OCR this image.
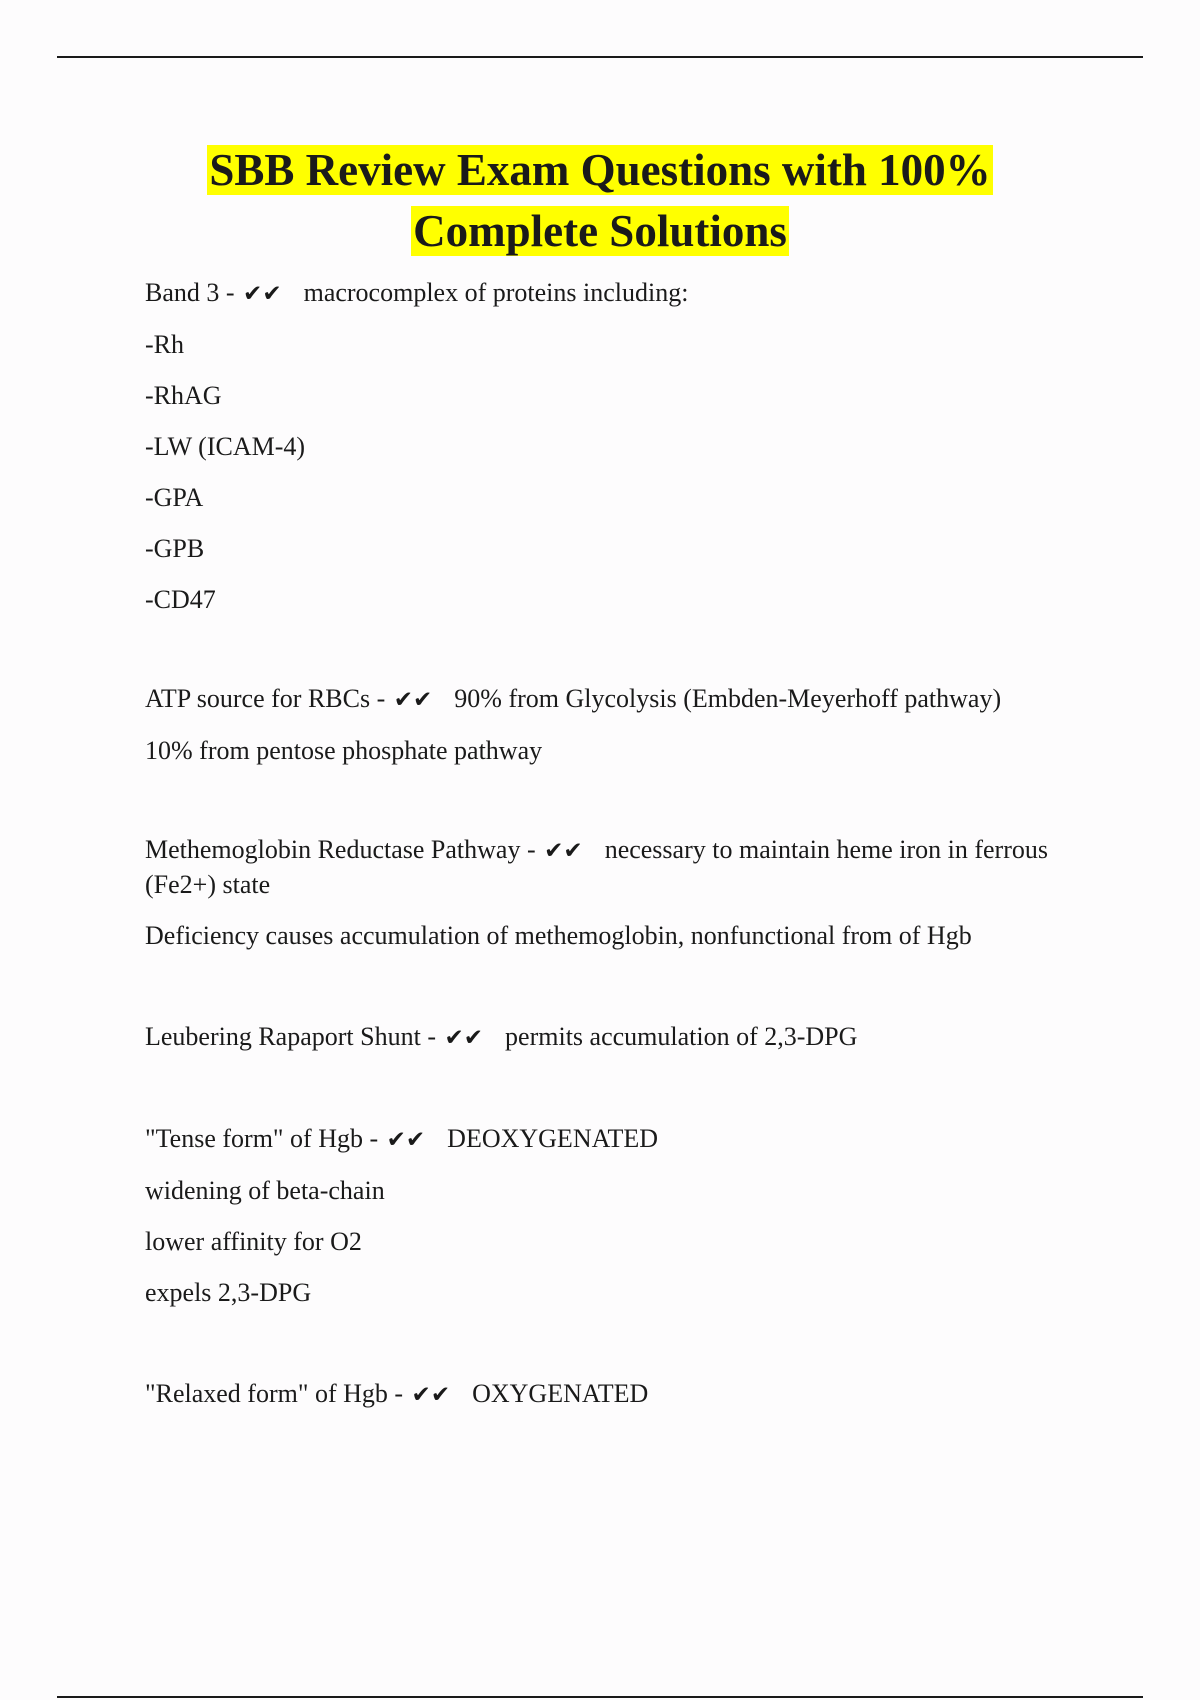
SBB Review Exam Questions with 100%
Complete Solutions
Band 3 - ✔✔ macrocomplex of proteins including:
-Rh
-RhAG
-LW (ICAM-4)
-GPA
-GPB
-CD47
ATP source for RBCs - ✔✔ 90% from Glycolysis (Embden-Meyerhoff pathway)
10% from pentose phosphate pathway
Methemoglobin Reductase Pathway - ✔✔ necessary to maintain heme iron in ferrous (Fe2+) state
Deficiency causes accumulation of methemoglobin, nonfunctional from of Hgb
Leubering Rapaport Shunt - ✔✔ permits accumulation of 2,3-DPG
"Tense form" of Hgb - ✔✔ DEOXYGENATED
widening of beta-chain
lower affinity for O2
expels 2,3-DPG
"Relaxed form" of Hgb - ✔✔ OXYGENATED
